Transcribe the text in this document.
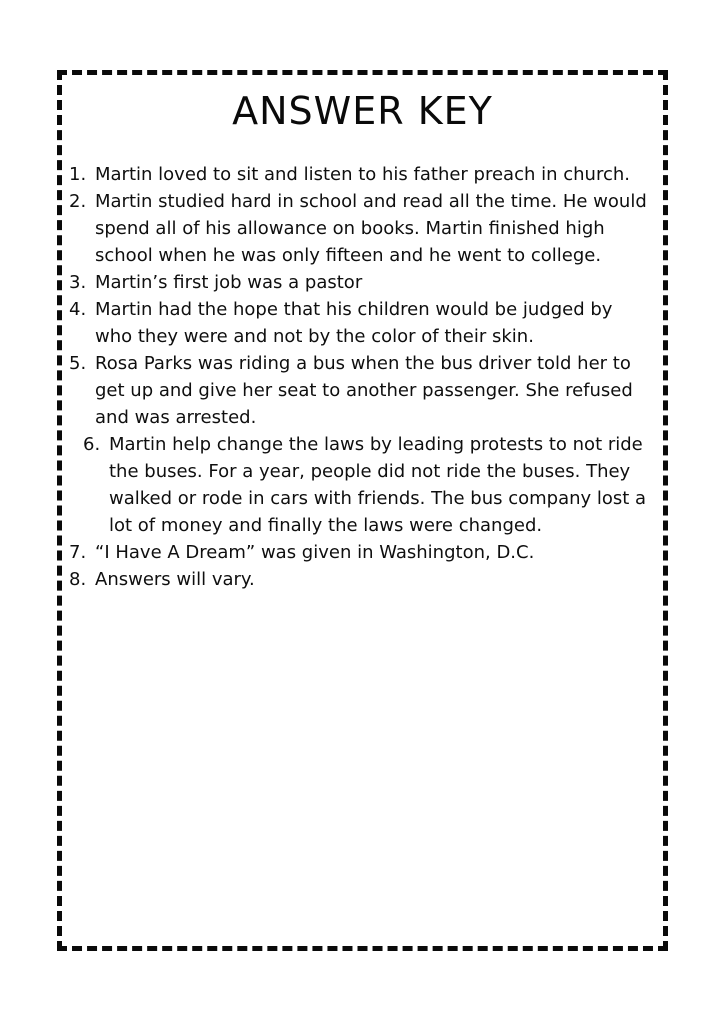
ANSWER KEY
1. Martin loved to sit and listen to his father preach in church.
2. Martin studied hard in school and read all the time. He would spend all of his allowance on books. Martin finished high school when he was only fifteen and he went to college.
3. Martin’s first job was a pastor
4. Martin had the hope that his children would be judged by who they were and not by the color of their skin.
5. Rosa Parks was riding a bus when the bus driver told her to get up and give her seat to another passenger. She refused and was arrested.
6. Martin help change the laws by leading protests to not ride the buses. For a year, people did not ride the buses. They walked or rode in cars with friends. The bus company lost a lot of money and finally the laws were changed.
7. “I Have A Dream” was given in Washington, D.C.
8. Answers will vary.
